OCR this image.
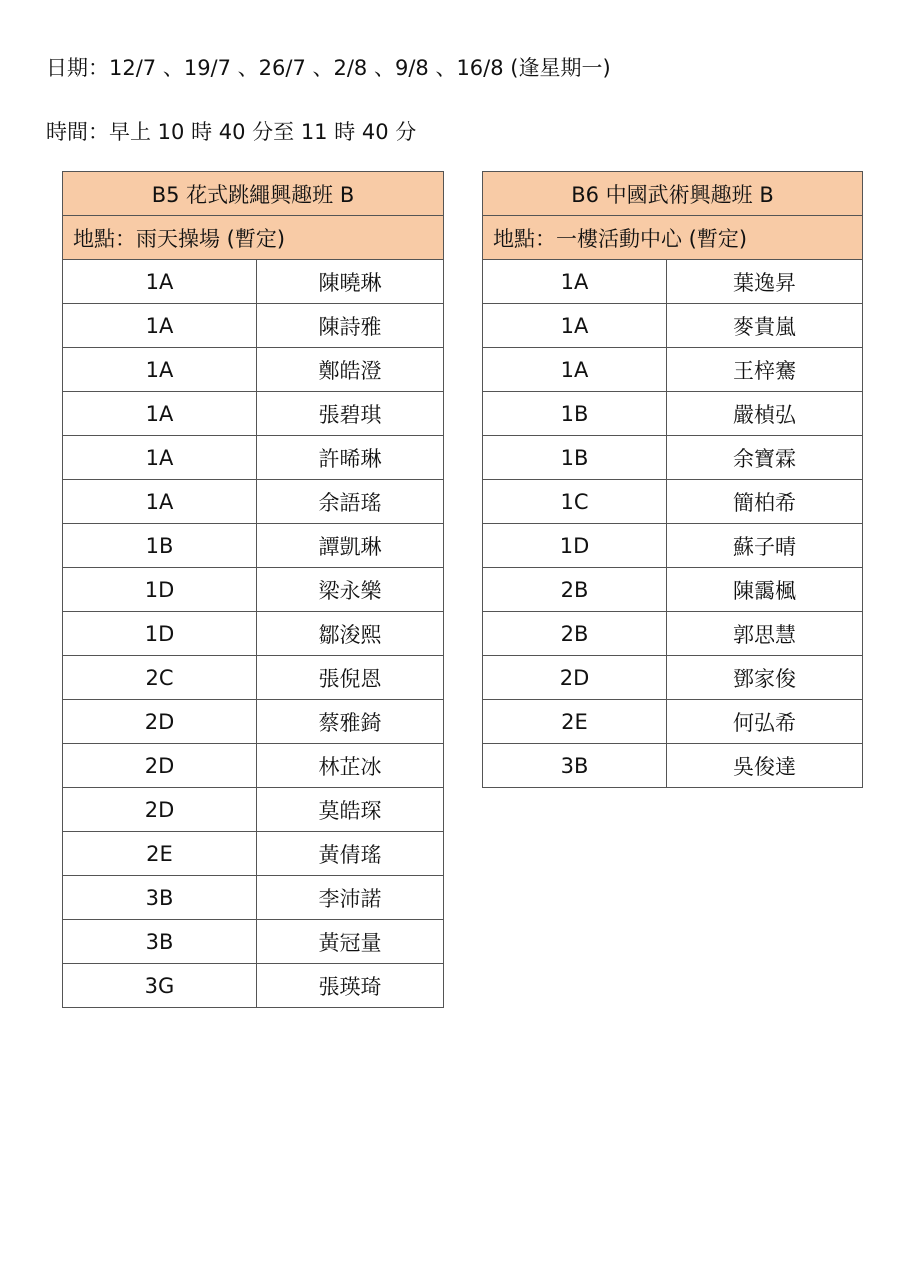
日期：12/7 、19/7 、26/7 、2/8 、9/8 、16/8 (逢星期一)
時間：早上 10 時 40 分至 11 時 40 分
B5 花式跳繩興趣班 B	
地點：雨天操場 (暫定)	
1A	陳曉琳
1A	陳詩雅
1A	鄭皓澄
1A	張碧琪
1A	許晞琳
1A	余語瑤
1B	譚凱琳
1D	梁永樂
1D	鄒浚熙
2C	張倪恩
2D	蔡雅錡
2D	林芷冰
2D	莫皓琛
2E	黃倩瑤
3B	李沛諾
3B	黃冠量
3G	張瑛琦
B6 中國武術興趣班 B	
地點：一樓活動中心 (暫定)	
1A	葉逸昇
1A	麥貴嵐
1A	王梓騫
1B	嚴楨弘
1B	余寶霖
1C	簡柏希
1D	蘇子晴
2B	陳靄楓
2B	郭思慧
2D	鄧家俊
2E	何弘希
3B	吳俊達
